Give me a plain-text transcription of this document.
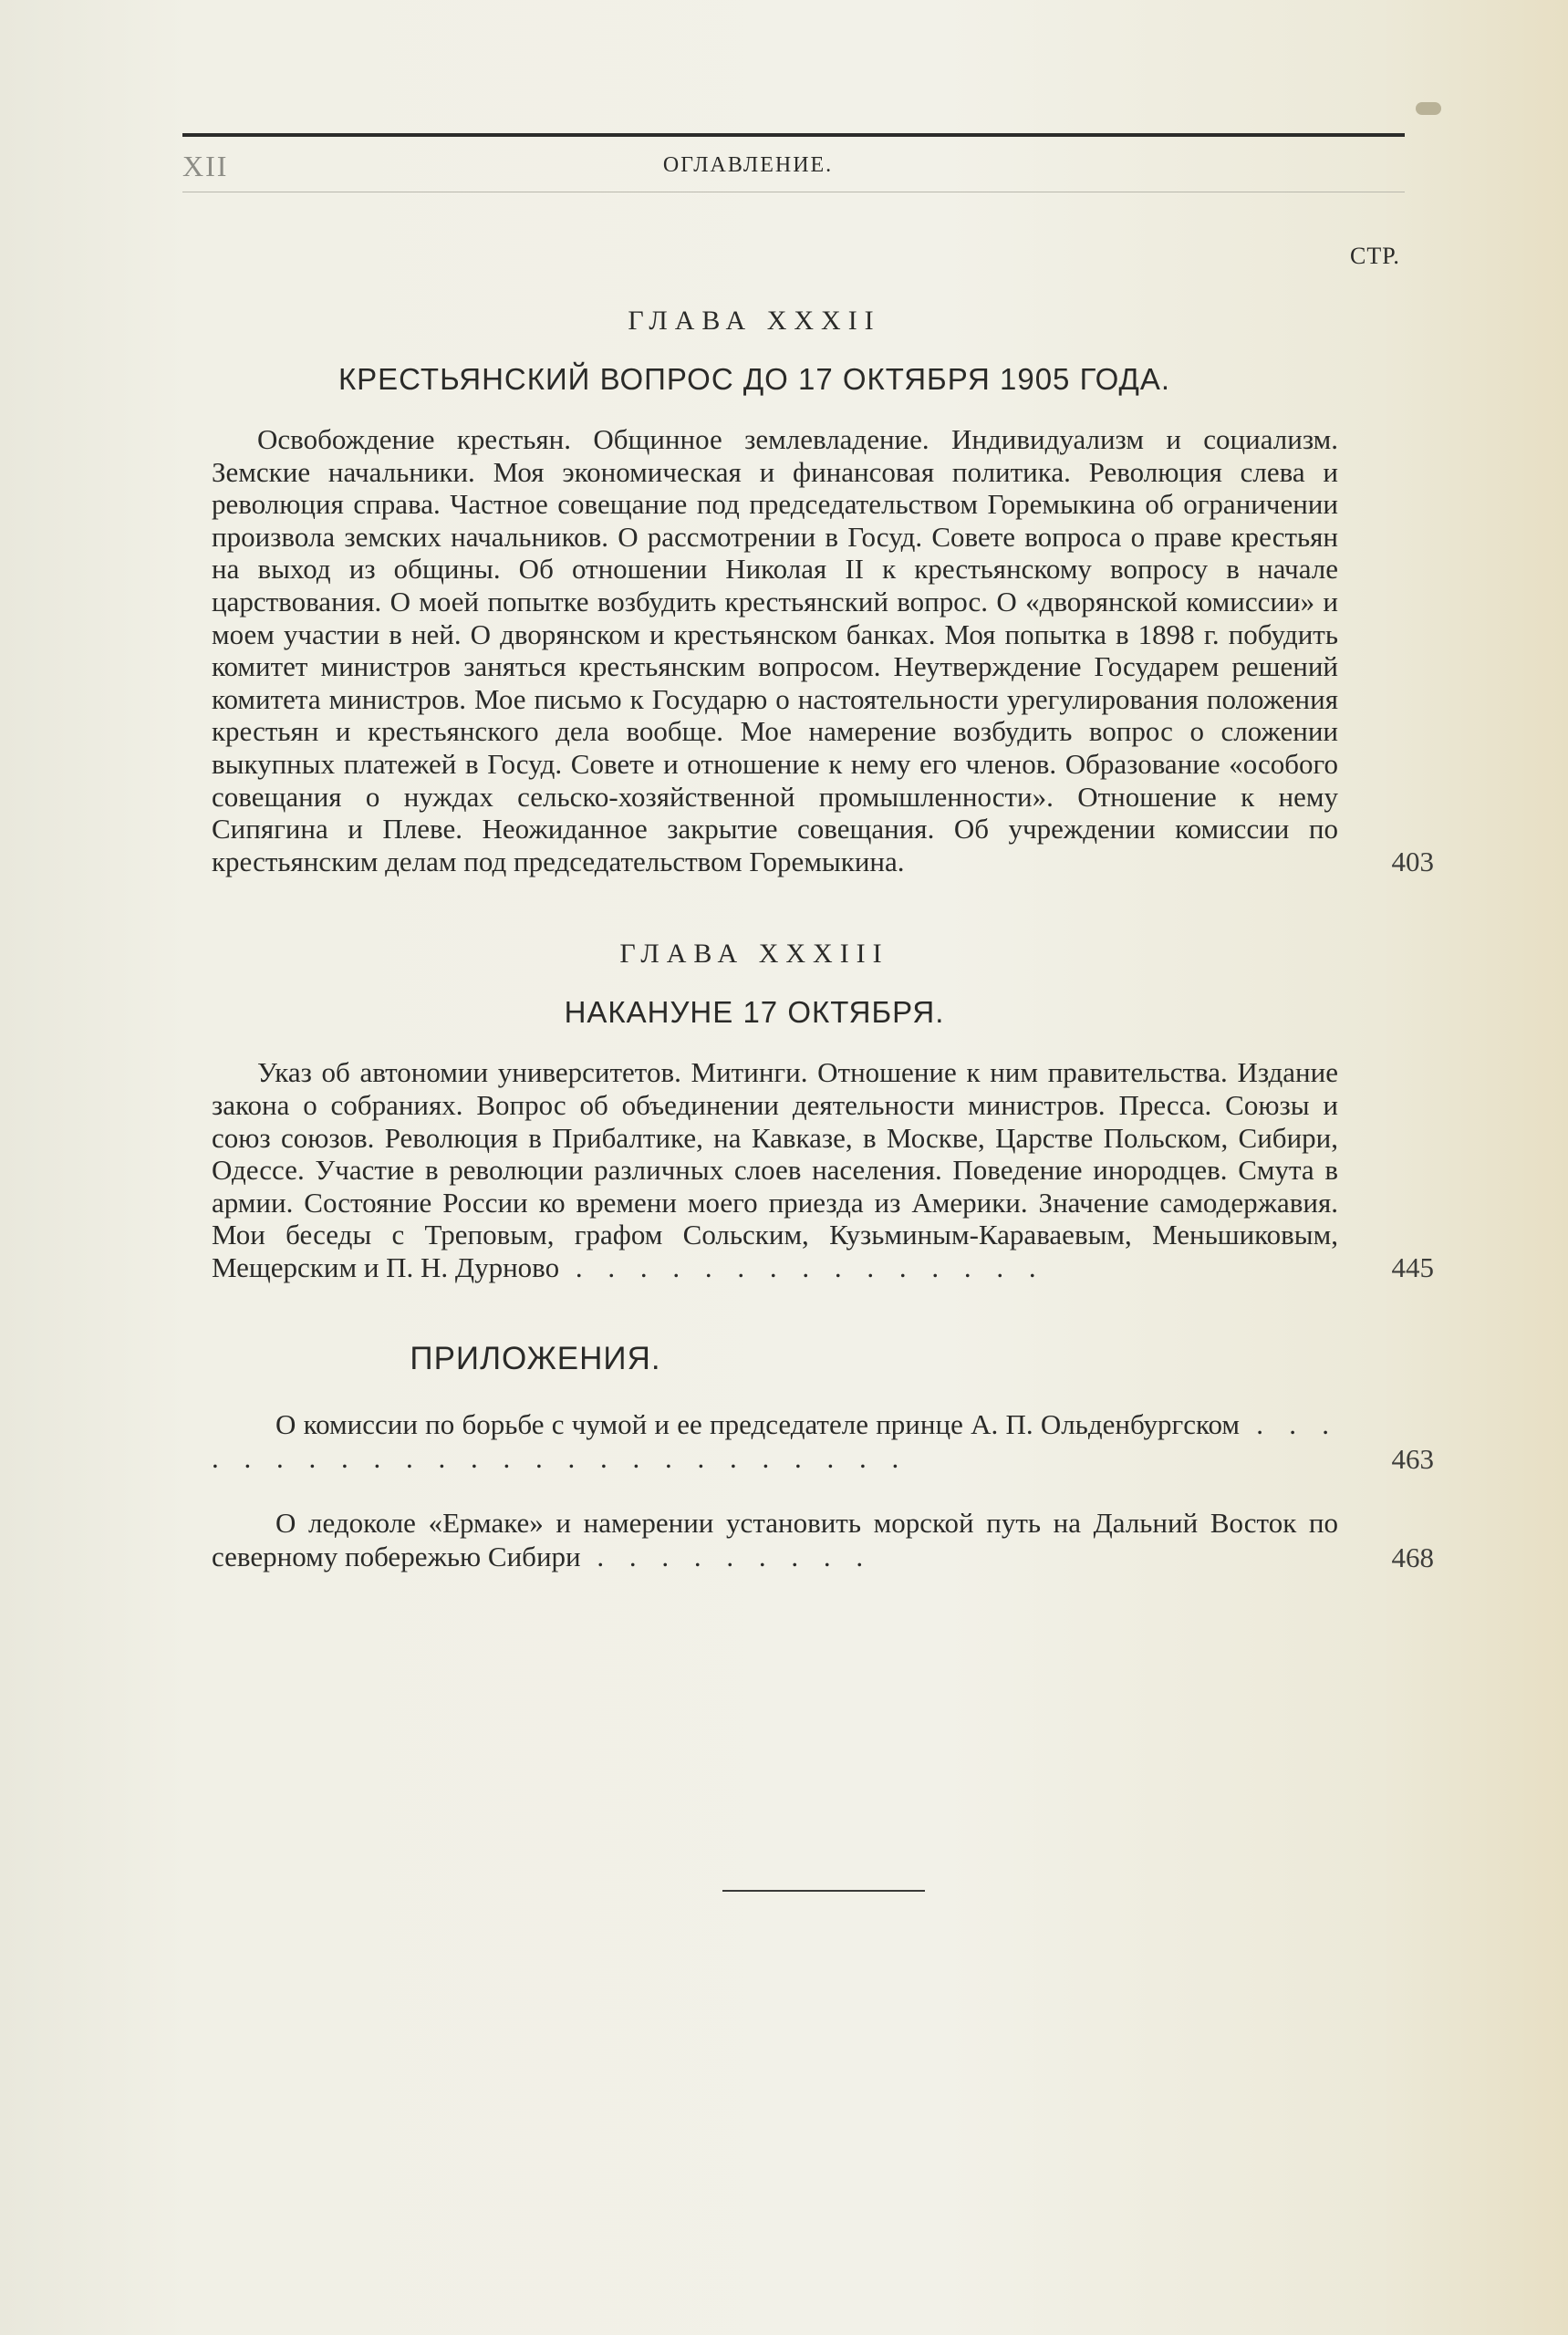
XII	ОГЛАВЛЕНИЕ.
СТР.
ГЛАВА XXXII
КРЕСТЬЯНСКИЙ ВОПРОС ДО 17 ОКТЯБРЯ 1905 ГОДА.

Освобождение крестьян. Общинное землевладение. Индивидуализм и социализм. Земские начальники. Моя экономическая и финансовая политика. Революция слева и революция справа. Частное совещание под председательством Горемыкина об ограничении произвола земских начальников. О рассмотрении в Госуд. Совете вопроса о праве крестьян на выход из общины. Об отношении Николая II к крестьянскому вопросу в начале царствования. О моей попытке возбудить крестьянский вопрос. О «дворянской комиссии» и моем участии в ней. О дворянском и крестьянском банках. Моя попытка в 1898 г. побудить комитет министров заняться крестьянским вопросом. Неутверждение Государем решений комитета министров. Мое письмо к Государю о настоятельности урегулирования положения крестьян и крестьянского дела вообще. Мое намерение возбудить вопрос о сложении выкупных платежей в Госуд. Совете и отношение к нему его членов. Образование «особого совещания о нуждах сельско-хозяйственной промышленности». Отношение к нему Сипягина и Плеве. Неожиданное закрытие совещания. Об учреждении комиссии по крестьянским делам под председательством Горемыкина.	403
ГЛАВА XXXIII
НАКАНУНЕ 17 ОКТЯБРЯ.

Указ об автономии университетов. Митинги. Отношение к ним правительства. Издание закона о собраниях. Вопрос об объединении деятельности министров. Пресса. Союзы и союз союзов. Революция в Прибалтике, на Кавказе, в Москве, Царстве Польском, Сибири, Одессе. Участие в революции различных слоев населения. Поведение инородцев. Смута в армии. Состояние России ко времени моего приезда из Америки. Значение самодержавия. Мои беседы с Треповым, графом Сольским, Кузьминым-Караваевым, Меньшиковым, Мещерским и П. Н. Дурново . . . . . . . . . . . . . . .	445
ПРИЛОЖЕНИЯ.

О комиссии по борьбе с чумой и ее председателе принце А. П. Ольденбургском . . . . . . . . . . . . . . . . . . . . . . . . .	463

О ледоколе «Ермаке» и намерении установить морской путь на Дальний Восток по северному побережью Сибири . . . . . . . . .	468
